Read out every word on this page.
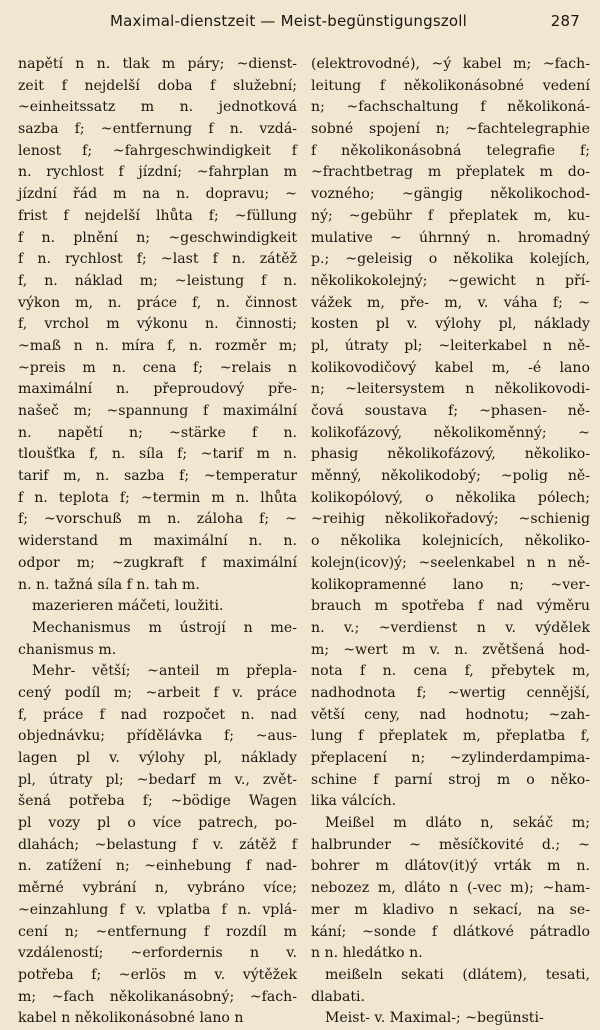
Maximal-dienstzeit — Meist-begünstigungszoll	287
napětí n n. tlak m páry; ~dienst-
zeit f nejdelší doba f služební;
~einheitssatz m n. jednotková
sazba f; ~entfernung f n. vzdá-
lenost f; ~fahrgeschwindigkeit f
n. rychlost f jízdní; ~fahrplan m
jízdní řád m na n. dopravu; ~
frist f nejdelší lhůta f; ~füllung
f n. plnění n; ~geschwindigkeit
f n. rychlost f; ~last f n. zátěž
f, n. náklad m; ~leistung f n.
výkon m, n. práce f, n. činnost
f, vrchol m výkonu n. činnosti;
~maß n n. míra f, n. rozměr m;
~preis m n. cena f; ~relais n
maximální n. přeproudový pře-
našeč m; ~spannung f maximální
n. napětí n; ~stärke f n.
tloušťka f, n. síla f; ~tarif m n.
tarif m, n. sazba f; ~temperatur
f n. teplota f; ~termin m n. lhůta
f; ~vorschuß m n. záloha f; ~
widerstand m maximální n. n.
odpor m; ~zugkraft f maximální
n. n. tažná síla f n. tah m.
mazerieren máčeti, loužiti.
Mechanismus m ústrojí n me-
chanismus m.
Mehr- větší; ~anteil m přepla-
cený podíl m; ~arbeit f v. práce
f, práce f nad rozpočet n. nad
objednávku; přídělávka f; ~aus-
lagen pl v. výlohy pl, náklady
pl, útraty pl; ~bedarf m v., zvět-
šená potřeba f; ~bödige Wagen
pl vozy pl o více patrech, po-
dlahách; ~belastung f v. zátěž f
n. zatížení n; ~einhebung f nad-
měrné vybrání n, vybráno více;
~einzahlung f v. vplatba f n. vplá-
cení n; ~entfernung f rozdíl m
vzdáleností; ~erfordernis n v.
potřeba f; ~erlös m v. výtěžek
m; ~fach několikanásobný; ~fach-
kabel n několikonásobné lano n
(elektrovodné), ~ý kabel m; ~fach-
leitung f několikonásobné vedení
n; ~fachschaltung f několikoná-
sobné spojení n; ~fachtelegraphie
f několikonásobná telegrafie f;
~frachtbetrag m přeplatek m do-
vozného; ~gängig několikochod-
ný; ~gebühr f přeplatek m, ku-
mulative ~ úhrnný n. hromadný
p.; ~geleisig o několika kolejích,
několikokolejný; ~gewicht n pří-
vážek m, pře- m, v. váha f; ~
kosten pl v. výlohy pl, náklady
pl, útraty pl; ~leiterkabel n ně-
kolikovodičový kabel m, -é lano
n; ~leitersystem n několikovodi-
čová soustava f; ~phasen- ně-
kolikofázový, několikoměnný; ~
phasig několikofázový, několiko-
měnný, několikodobý; ~polig ně-
kolikopólový, o několika pólech;
~reihig několikořadový; ~schienig
o několika kolejnicích, několiko-
kolejn(icov)ý; ~seelenkabel n n ně-
kolikopramenné lano n; ~ver-
brauch m spotřeba f nad výměru
n. v.; ~verdienst n v. výdělek
m; ~wert m v. n. zvětšená hod-
nota f n. cena f, přebytek m,
nadhodnota f; ~wertig cennější,
větší ceny, nad hodnotu; ~zah-
lung f přeplatek m, přeplatba f,
přeplacení n; ~zylinderdampima-
schine f parní stroj m o něko-
lika válcích.
Meißel m dláto n, sekáč m;
halbrunder ~ měsíčkovité d.; ~
bohrer m dlátov(it)ý vrták m n.
nebozez m, dláto n (-vec m); ~ham-
mer m kladivo n sekací, na se-
kání; ~sonde f dlátkové pátradlo
n n. hledátko n.
meißeln sekati (dlátem), tesati,
dlabati.
Meist- v. Maximal-; ~begünsti-
